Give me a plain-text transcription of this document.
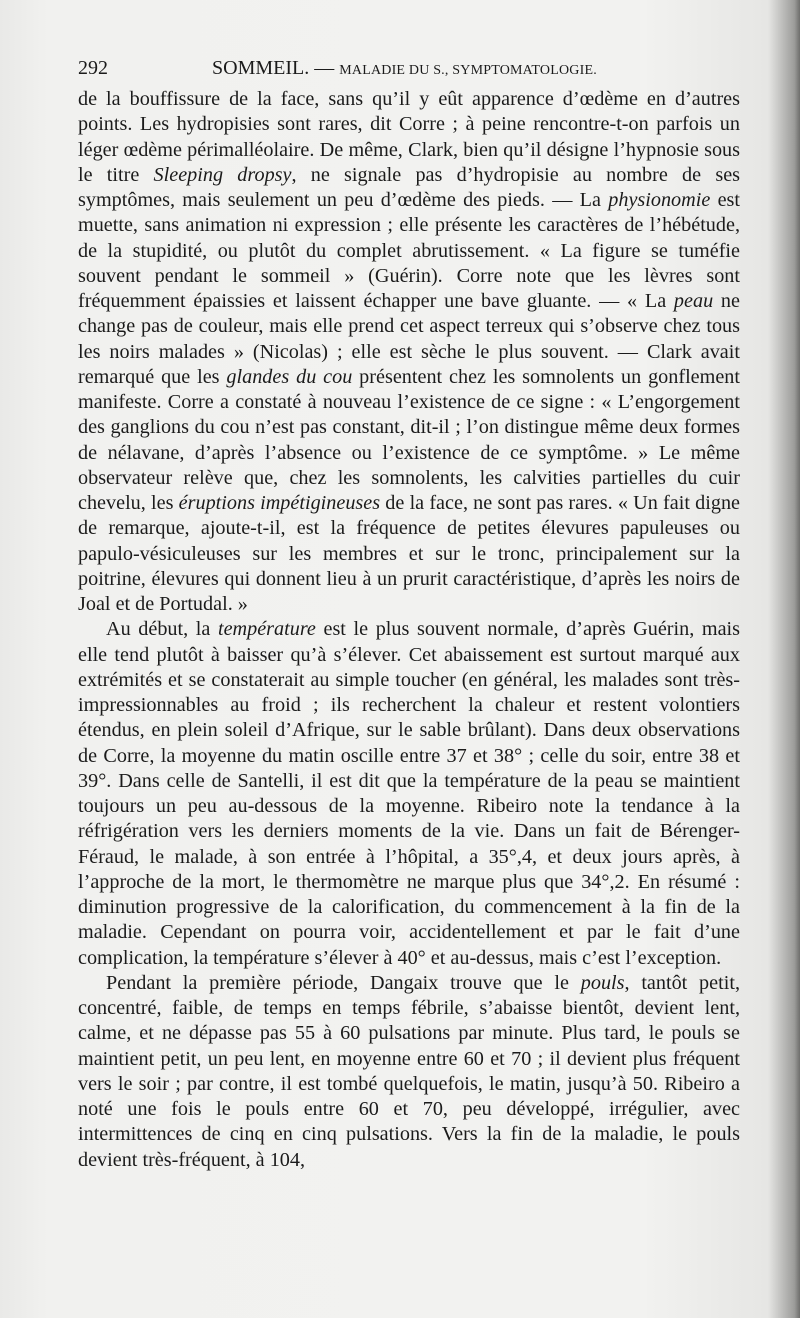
292	SOMMEIL. — MALADIE DU S., SYMPTOMATOLOGIE.

de la bouffissure de la face, sans qu’il y eût apparence d’œdème en d’autres points. Les hydropisies sont rares, dit Corre ; à peine rencontre-t-on parfois un léger œdème périmalléolaire. De même, Clark, bien qu’il désigne l’hypnosie sous le titre Sleeping dropsy, ne signale pas d’hydropisie au nombre de ses symptômes, mais seulement un peu d’œdème des pieds. — La physionomie est muette, sans animation ni expression ; elle présente les caractères de l’hébétude, de la stupidité, ou plutôt du complet abrutissement. « La figure se tuméfie souvent pendant le sommeil » (Guérin). Corre note que les lèvres sont fréquemment épaissies et laissent échapper une bave gluante. — « La peau ne change pas de couleur, mais elle prend cet aspect terreux qui s’observe chez tous les noirs malades » (Nicolas) ; elle est sèche le plus souvent. — Clark avait remarqué que les glandes du cou présentent chez les somnolents un gonflement manifeste. Corre a constaté à nouveau l’existence de ce signe : « L’engorgement des ganglions du cou n’est pas constant, dit-il ; l’on distingue même deux formes de nélavane, d’après l’absence ou l’existence de ce symptôme. » Le même observateur relève que, chez les somnolents, les calvities partielles du cuir chevelu, les éruptions impétigineuses de la face, ne sont pas rares. « Un fait digne de remarque, ajoute-t-il, est la fréquence de petites élevures papuleuses ou papulo-vésiculeuses sur les membres et sur le tronc, principalement sur la poitrine, élevures qui donnent lieu à un prurit caractéristique, d’après les noirs de Joal et de Portudal. »

Au début, la température est le plus souvent normale, d’après Guérin, mais elle tend plutôt à baisser qu’à s’élever. Cet abaissement est surtout marqué aux extrémités et se constaterait au simple toucher (en général, les malades sont très-impressionnables au froid ; ils recherchent la chaleur et restent volontiers étendus, en plein soleil d’Afrique, sur le sable brûlant). Dans deux observations de Corre, la moyenne du matin oscille entre 37 et 38° ; celle du soir, entre 38 et 39°. Dans celle de Santelli, il est dit que la température de la peau se maintient toujours un peu au-dessous de la moyenne. Ribeiro note la tendance à la réfrigération vers les derniers moments de la vie. Dans un fait de Bérenger-Féraud, le malade, à son entrée à l’hôpital, a 35°,4, et deux jours après, à l’approche de la mort, le thermomètre ne marque plus que 34°,2. En résumé : diminution progressive de la calorification, du commencement à la fin de la maladie. Cependant on pourra voir, accidentellement et par le fait d’une complication, la température s’élever à 40° et au-dessus, mais c’est l’exception.

Pendant la première période, Dangaix trouve que le pouls, tantôt petit, concentré, faible, de temps en temps fébrile, s’abaisse bientôt, devient lent, calme, et ne dépasse pas 55 à 60 pulsations par minute. Plus tard, le pouls se maintient petit, un peu lent, en moyenne entre 60 et 70 ; il devient plus fréquent vers le soir ; par contre, il est tombé quelquefois, le matin, jusqu’à 50. Ribeiro a noté une fois le pouls entre 60 et 70, peu développé, irrégulier, avec intermittences de cinq en cinq pulsations. Vers la fin de la maladie, le pouls devient très-fréquent, à 104,
